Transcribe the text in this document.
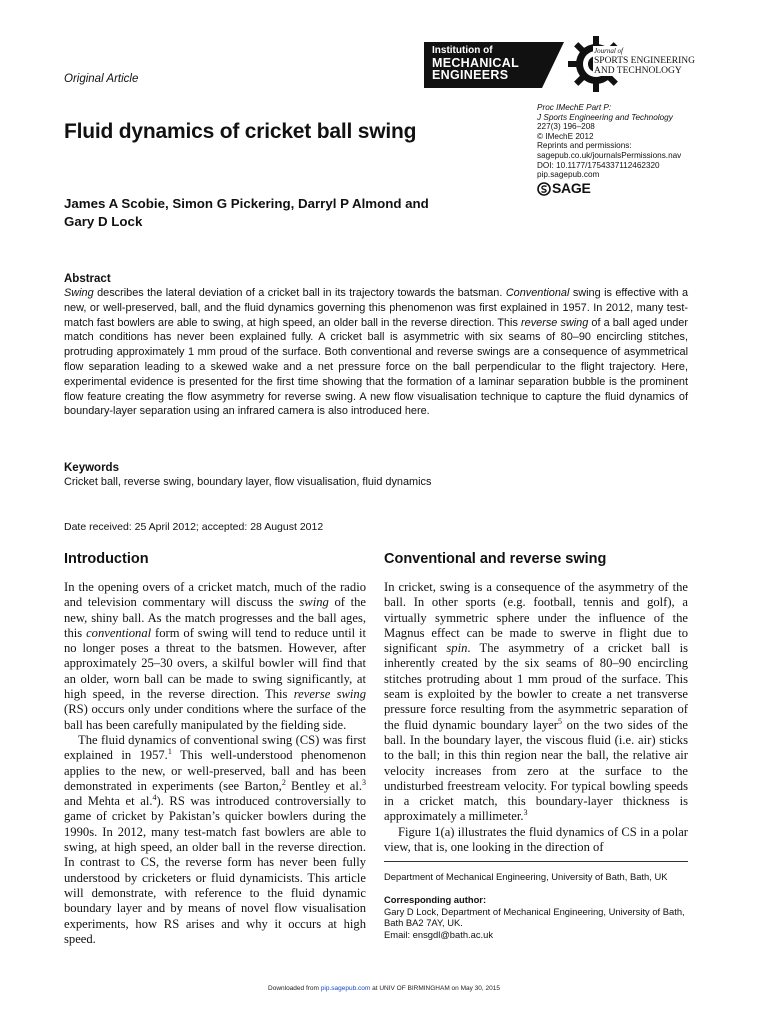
Original Article
Institution of
MECHANICAL
ENGINEERS
Journal of
SPORTS ENGINEERING
AND TECHNOLOGY
Proc IMechE Part P:
J Sports Engineering and Technology
227(3) 196–208
© IMechE 2012
Reprints and permissions:
sagepub.co.uk/journalsPermissions.nav
DOI: 10.1177/1754337112462320
pip.sagepub.com
SAGE
Fluid dynamics of cricket ball swing
James A Scobie, Simon G Pickering, Darryl P Almond and
Gary D Lock
Abstract
Swing describes the lateral deviation of a cricket ball in its trajectory towards the batsman. Conventional swing is effective with a new, or well-preserved, ball, and the fluid dynamics governing this phenomenon was first explained in 1957. In 2012, many test-match fast bowlers are able to swing, at high speed, an older ball in the reverse direction. This reverse swing of a ball aged under match conditions has never been explained fully. A cricket ball is asymmetric with six seams of 80–90 encircling stitches, protruding approximately 1 mm proud of the surface. Both conventional and reverse swings are a consequence of asymmetrical flow separation leading to a skewed wake and a net pressure force on the ball perpendicular to the flight trajectory. Here, experimental evidence is presented for the first time showing that the formation of a laminar separation bubble is the prominent flow feature creating the flow asymmetry for reverse swing. A new flow visualisation technique to capture the fluid dynamics of boundary-layer separation using an infrared camera is also introduced here.
Keywords
Cricket ball, reverse swing, boundary layer, flow visualisation, fluid dynamics
Date received: 25 April 2012; accepted: 28 August 2012
Introduction

In the opening overs of a cricket match, much of the radio and television commentary will discuss the swing of the new, shiny ball. As the match progresses and the ball ages, this conventional form of swing will tend to reduce until it no longer poses a threat to the batsmen. However, after approximately 25–30 overs, a skilful bowler will find that an older, worn ball can be made to swing significantly, at high speed, in the reverse direction. This reverse swing (RS) occurs only under conditions where the surface of the ball has been carefully manipulated by the fielding side.

The fluid dynamics of conventional swing (CS) was first explained in 1957.$^1$ This well-understood phenomenon applies to the new, or well-preserved, ball and has been demonstrated in experiments (see Barton,$^2$ Bentley et al.$^3$ and Mehta et al.$^4$). RS was introduced controversially to game of cricket by Pakistan’s quicker bowlers during the 1990s. In 2012, many test-match fast bowlers are able to swing, at high speed, an older ball in the reverse direction. In contrast to CS, the reverse form has never been fully understood by cricketers or fluid dynamicists. This article will demonstrate, with reference to the fluid dynamic boundary layer and by means of novel flow visualisation experiments, how RS arises and why it occurs at high speed.

Conventional and reverse swing

In cricket, swing is a consequence of the asymmetry of the ball. In other sports (e.g. football, tennis and golf), a virtually symmetric sphere under the influence of the Magnus effect can be made to swerve in flight due to significant spin. The asymmetry of a cricket ball is inherently created by the six seams of 80–90 encircling stitches protruding about 1 mm proud of the surface. This seam is exploited by the bowler to create a net transverse pressure force resulting from the asymmetric separation of the fluid dynamic boundary layer$^5$ on the two sides of the ball. In the boundary layer, the viscous fluid (i.e. air) sticks to the ball; in this thin region near the ball, the relative air velocity increases from zero at the surface to the undisturbed freestream velocity. For typical bowling speeds in a cricket match, this boundary-layer thickness is approximately a millimeter.$^3$

Figure 1(a) illustrates the fluid dynamics of CS in a polar view, that is, one looking in the direction of

Department of Mechanical Engineering, University of Bath, Bath, UK
Corresponding author:
Gary D Lock, Department of Mechanical Engineering, University of Bath,
Bath BA2 7AY, UK.
Email: ensgdl@bath.ac.uk
Downloaded from pip.sagepub.com at UNIV OF BIRMINGHAM on May 30, 2015
